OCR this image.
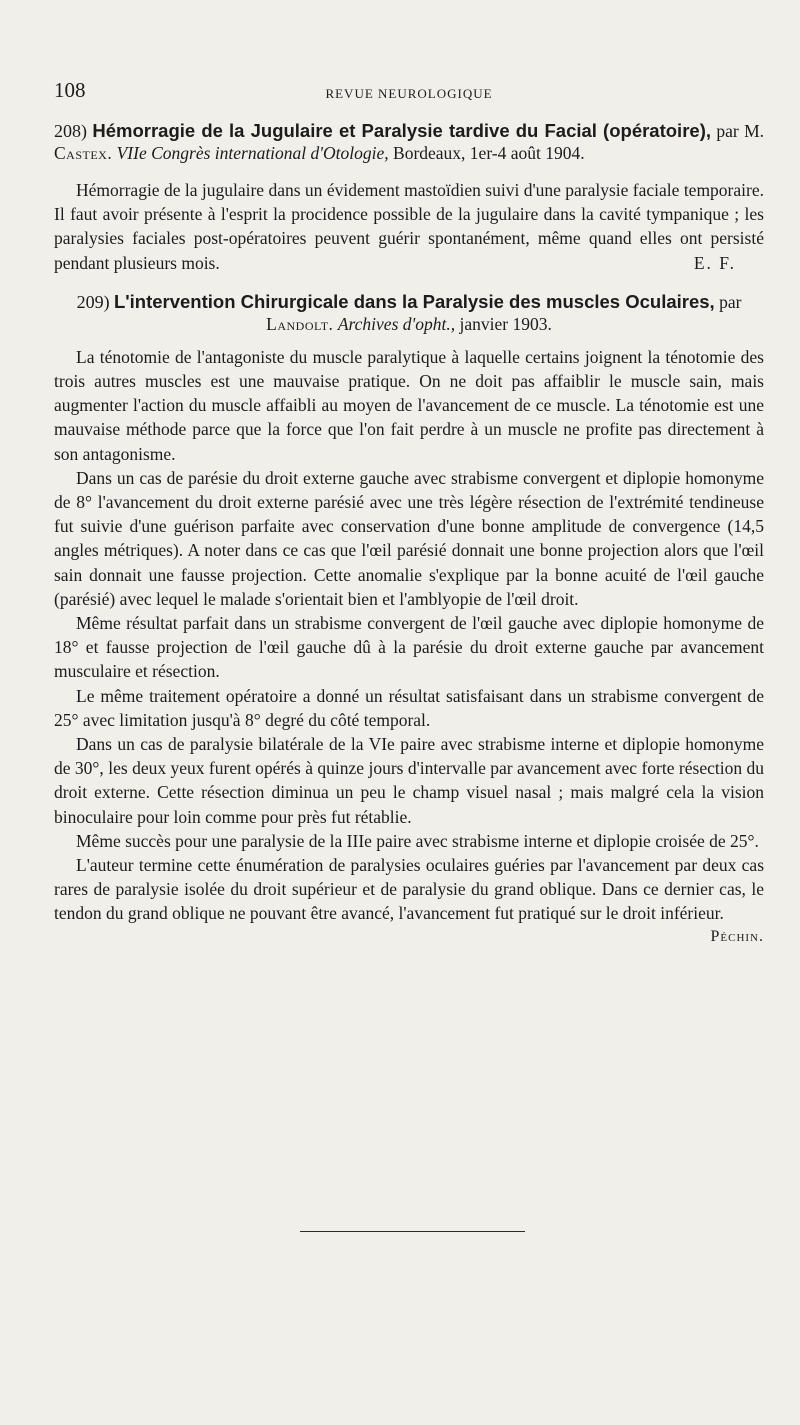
108	REVUE NEUROLOGIQUE
208) Hémorragie de la Jugulaire et Paralysie tardive du Facial (opératoire), par M. Castex. VIIe Congrès international d'Otologie, Bordeaux, 1er-4 août 1904.

Hémorragie de la jugulaire dans un évidement mastoïdien suivi d'une paralysie faciale temporaire. Il faut avoir présente à l'esprit la procidence possible de la jugulaire dans la cavité tympanique ; les paralysies faciales post-opératoires peuvent guérir spontanément, même quand elles ont persisté pendant plusieurs mois.	E. F.

209) L'intervention Chirurgicale dans la Paralysie des muscles Oculaires, par Landolt. Archives d'opht., janvier 1903.

La ténotomie de l'antagoniste du muscle paralytique à laquelle certains joignent la ténotomie des trois autres muscles est une mauvaise pratique. On ne doit pas affaiblir le muscle sain, mais augmenter l'action du muscle affaibli au moyen de l'avancement de ce muscle. La ténotomie est une mauvaise méthode parce que la force que l'on fait perdre à un muscle ne profite pas directement à son antagonisme.

Dans un cas de parésie du droit externe gauche avec strabisme convergent et diplopie homonyme de 8° l'avancement du droit externe parésié avec une très légère résection de l'extrémité tendineuse fut suivie d'une guérison parfaite avec conservation d'une bonne amplitude de convergence (14,5 angles métriques). A noter dans ce cas que l'œil parésié donnait une bonne projection alors que l'œil sain donnait une fausse projection. Cette anomalie s'explique par la bonne acuité de l'œil gauche (parésié) avec lequel le malade s'orientait bien et l'amblyopie de l'œil droit.

Même résultat parfait dans un strabisme convergent de l'œil gauche avec diplopie homonyme de 18° et fausse projection de l'œil gauche dû à la parésie du droit externe gauche par avancement musculaire et résection.

Le même traitement opératoire a donné un résultat satisfaisant dans un strabisme convergent de 25° avec limitation jusqu'à 8° degré du côté temporal.

Dans un cas de paralysie bilatérale de la VIe paire avec strabisme interne et diplopie homonyme de 30°, les deux yeux furent opérés à quinze jours d'intervalle par avancement avec forte résection du droit externe. Cette résection diminua un peu le champ visuel nasal ; mais malgré cela la vision binoculaire pour loin comme pour près fut rétablie.

Même succès pour une paralysie de la IIIe paire avec strabisme interne et diplopie croisée de 25°.

L'auteur termine cette énumération de paralysies oculaires guéries par l'avancement par deux cas rares de paralysie isolée du droit supérieur et de paralysie du grand oblique. Dans ce dernier cas, le tendon du grand oblique ne pouvant être avancé, l'avancement fut pratiqué sur le droit inférieur.

Péchin.
